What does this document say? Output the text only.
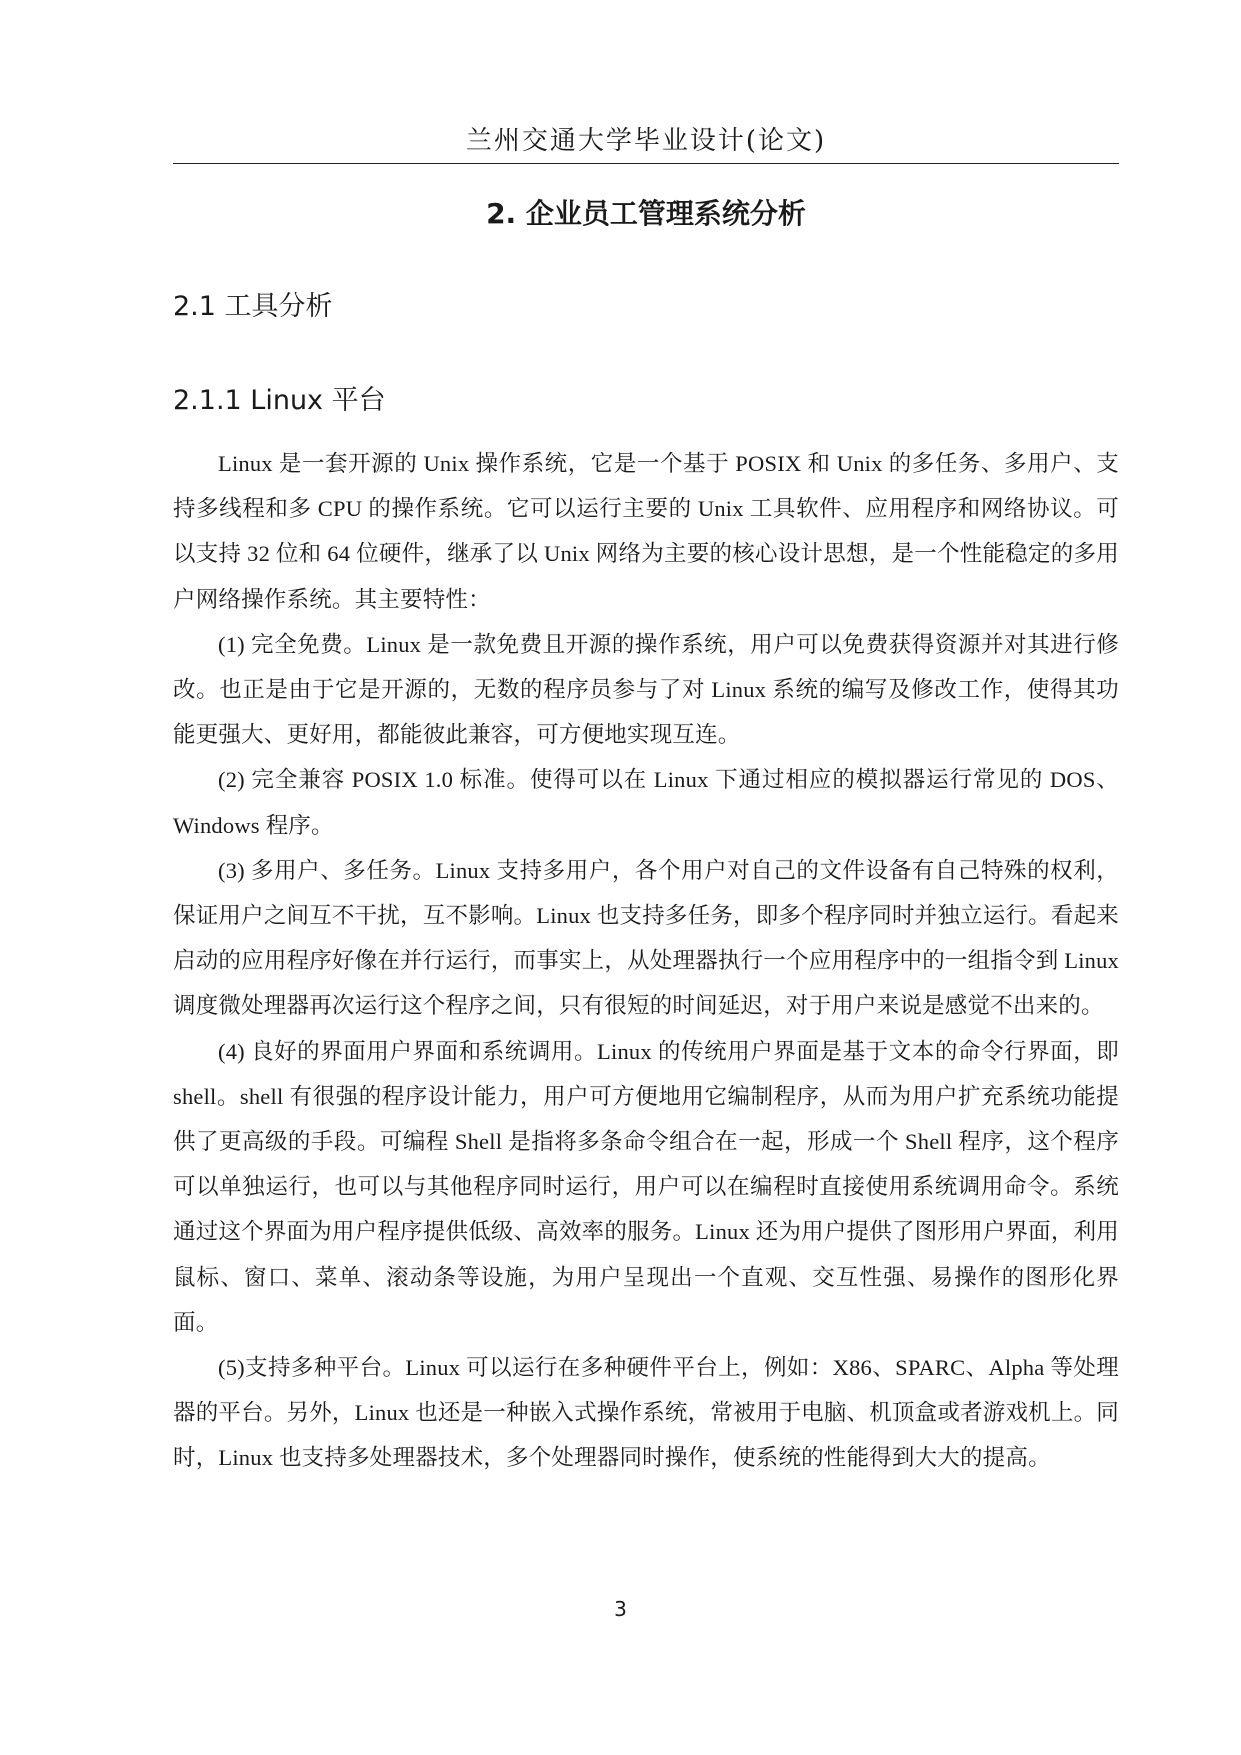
兰州交通大学毕业设计(论文)
2. 企业员工管理系统分析
2.1 工具分析
2.1.1 Linux 平台

Linux 是一套开源的 Unix 操作系统，它是一个基于 POSIX 和 Unix 的多任务、多用户、支持多线程和多 CPU 的操作系统。它可以运行主要的 Unix 工具软件、应用程序和网络协议。可以支持 32 位和 64 位硬件，继承了以 Unix 网络为主要的核心设计思想，是一个性能稳定的多用户网络操作系统。其主要特性：

(1) 完全免费。Linux 是一款免费且开源的操作系统，用户可以免费获得资源并对其进行修改。也正是由于它是开源的，无数的程序员参与了对 Linux 系统的编写及修改工作，使得其功能更强大、更好用，都能彼此兼容，可方便地实现互连。

(2) 完全兼容 POSIX 1.0 标准。使得可以在 Linux 下通过相应的模拟器运行常见的 DOS、Windows 程序。

(3) 多用户、多任务。Linux 支持多用户，各个用户对自己的文件设备有自己特殊的权利，保证用户之间互不干扰，互不影响。Linux 也支持多任务，即多个程序同时并独立运行。看起来启动的应用程序好像在并行运行，而事实上，从处理器执行一个应用程序中的一组指令到 Linux 调度微处理器再次运行这个程序之间，只有很短的时间延迟，对于用户来说是感觉不出来的。

(4) 良好的界面用户界面和系统调用。Linux 的传统用户界面是基于文本的命令行界面，即 shell。shell 有很强的程序设计能力，用户可方便地用它编制程序，从而为用户扩充系统功能提供了更高级的手段。可编程 Shell 是指将多条命令组合在一起，形成一个 Shell 程序，这个程序可以单独运行，也可以与其他程序同时运行，用户可以在编程时直接使用系统调用命令。系统通过这个界面为用户程序提供低级、高效率的服务。Linux 还为用户提供了图形用户界面，利用鼠标、窗口、菜单、滚动条等设施，为用户呈现出一个直观、交互性强、易操作的图形化界面。

(5)支持多种平台。Linux 可以运行在多种硬件平台上，例如：X86、SPARC、Alpha 等处理器的平台。另外，Linux 也还是一种嵌入式操作系统，常被用于电脑、机顶盒或者游戏机上。同时，Linux 也支持多处理器技术，多个处理器同时操作，使系统的性能得到大大的提高。

3
